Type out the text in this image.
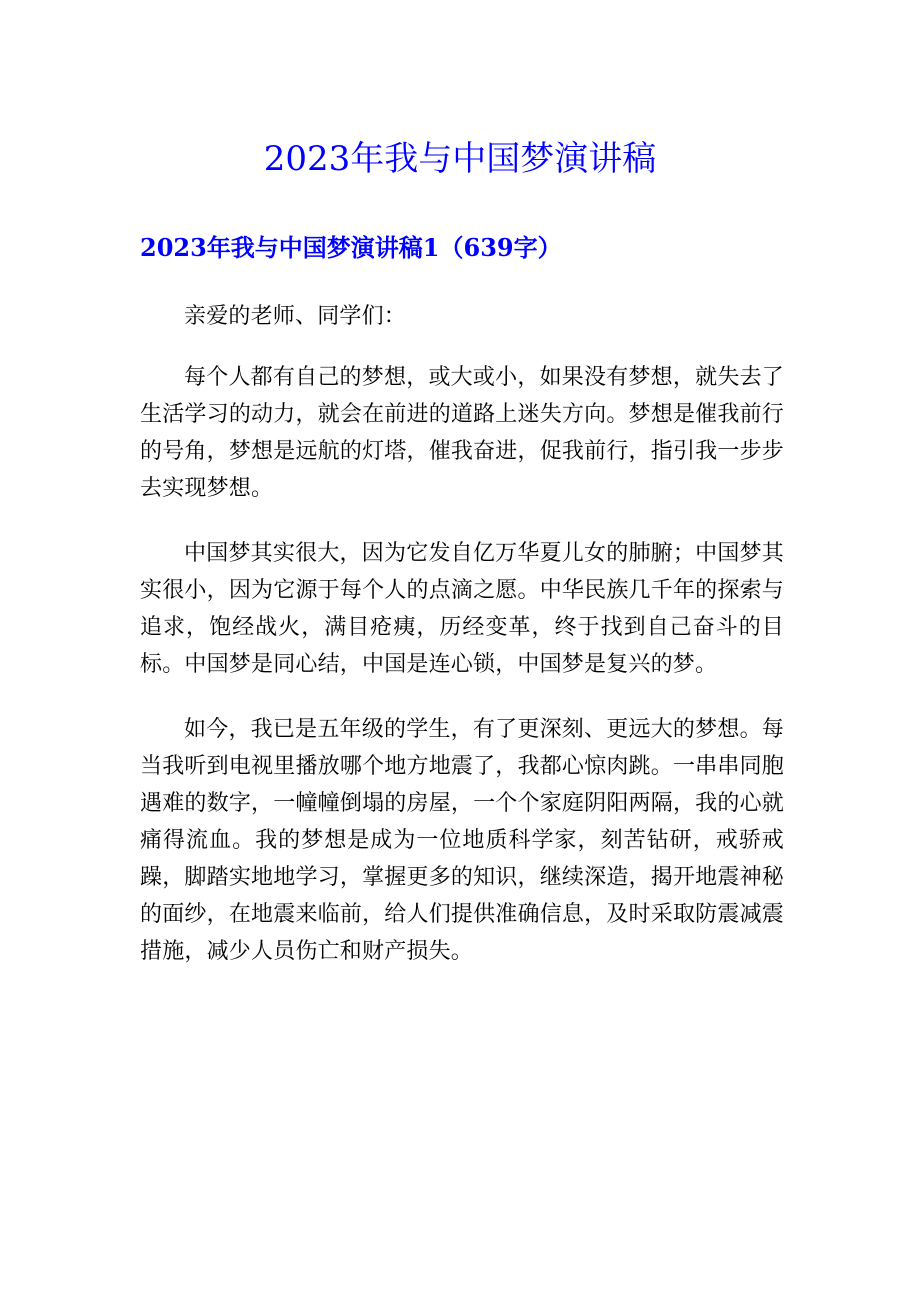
2023年我与中国梦演讲稿
2023年我与中国梦演讲稿1（639字）

亲爱的老师、同学们：

每个人都有自己的梦想，或大或小，如果没有梦想，就失去了生活学习的动力，就会在前进的道路上迷失方向。梦想是催我前行的号角，梦想是远航的灯塔，催我奋进，促我前行，指引我一步步去实现梦想。

中国梦其实很大，因为它发自亿万华夏儿女的肺腑；中国梦其实很小，因为它源于每个人的点滴之愿。中华民族几千年的探索与追求，饱经战火，满目疮痍，历经变革，终于找到自己奋斗的目标。中国梦是同心结，中国是连心锁，中国梦是复兴的梦。

如今，我已是五年级的学生，有了更深刻、更远大的梦想。每当我听到电视里播放哪个地方地震了，我都心惊肉跳。一串串同胞遇难的数字，一幢幢倒塌的房屋，一个个家庭阴阳两隔，我的心就痛得流血。我的梦想是成为一位地质科学家，刻苦钻研，戒骄戒躁，脚踏实地地学习，掌握更多的知识，继续深造，揭开地震神秘的面纱，在地震来临前，给人们提供准确信息，及时采取防震减震措施，减少人员伤亡和财产损失。
